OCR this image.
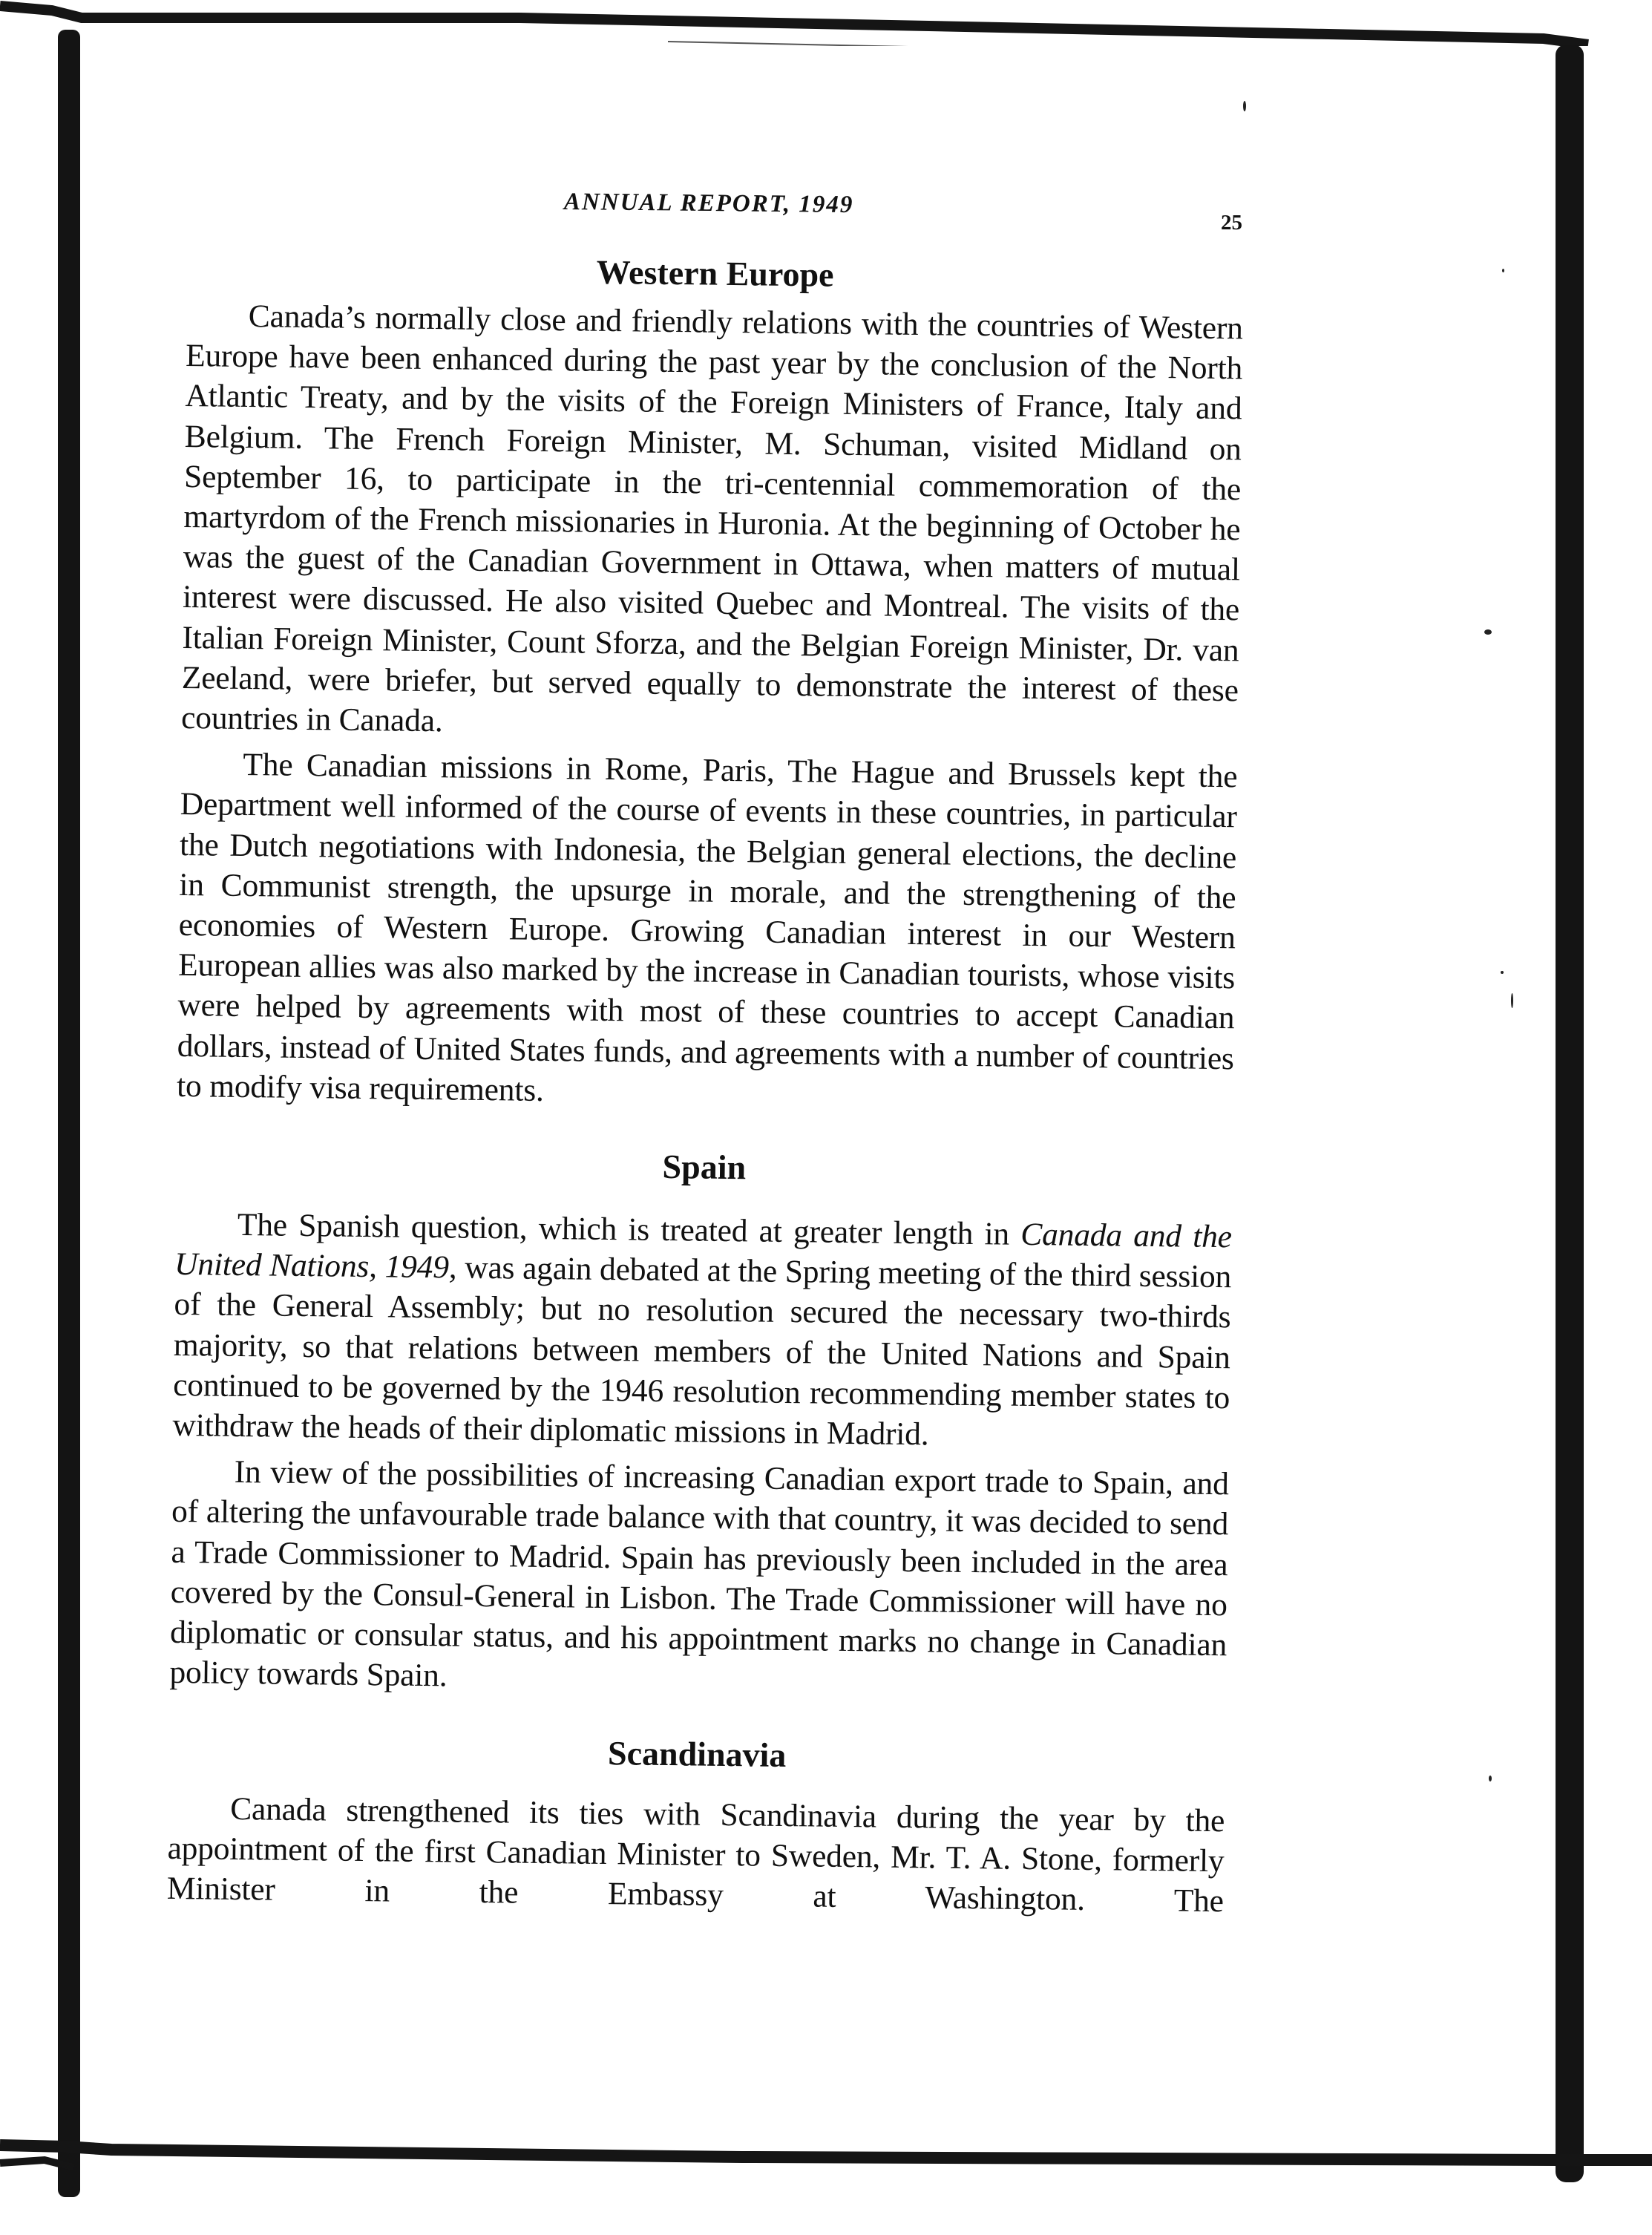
ANNUAL REPORT, 1949
25
Western Europe

Canada’s normally close and friendly relations with the countries of Western Europe have been enhanced during the past year by the conclusion of the North Atlantic Treaty, and by the visits of the Foreign Ministers of France, Italy and Belgium. The French Foreign Minister, M. Schuman, visited Midland on September 16, to participate in the tri-centennial commemoration of the martyrdom of the French missionaries in Huronia. At the beginning of October he was the guest of the Canadian Government in Ottawa, when matters of mutual interest were discussed. He also visited Quebec and Montreal. The visits of the Italian Foreign Minister, Count Sforza, and the Belgian Foreign Minister, Dr. van Zeeland, were briefer, but served equally to demonstrate the interest of these countries in Canada.

The Canadian missions in Rome, Paris, The Hague and Brussels kept the Department well informed of the course of events in these countries, in particular the Dutch negotiations with Indonesia, the Belgian general elections, the decline in Communist strength, the upsurge in morale, and the strengthening of the economies of Western Europe. Growing Canadian interest in our Western European allies was also marked by the increase in Canadian tourists, whose visits were helped by agreements with most of these countries to accept Canadian dollars, instead of United States funds, and agreements with a number of countries to modify visa requirements.

Spain

The Spanish question, which is treated at greater length in Canada and the United Nations, 1949, was again debated at the Spring meeting of the third session of the General Assembly; but no resolution secured the necessary two-thirds majority, so that relations between members of the United Nations and Spain continued to be governed by the 1946 resolution recommending member states to withdraw the heads of their diplomatic missions in Madrid.

In view of the possibilities of increasing Canadian export trade to Spain, and of altering the unfavourable trade balance with that country, it was decided to send a Trade Commissioner to Madrid. Spain has previously been included in the area covered by the Consul-General in Lisbon. The Trade Commissioner will have no diplomatic or consular status, and his appointment marks no change in Canadian policy towards Spain.

Scandinavia

Canada strengthened its ties with Scandinavia during the year by the appointment of the first Canadian Minister to Sweden, Mr. T. A. Stone, formerly Minister in the Embassy at Washington. The
